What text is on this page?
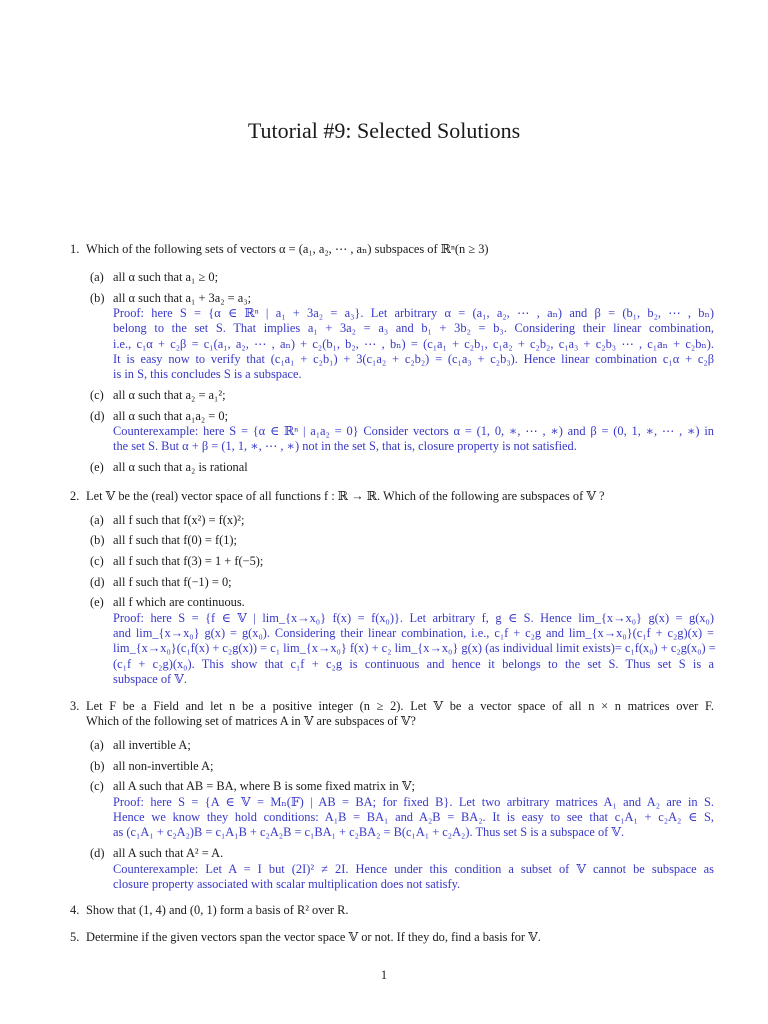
Tutorial #9: Selected Solutions
1. Which of the following sets of vectors α = (a₁, a₂, ⋯ , aₙ) subspaces of ℝⁿ(n ≥ 3)
(a) all α such that a₁ ≥ 0;
(b) all α such that a₁ + 3a₂ = a₃;
Proof: here S = {α ∈ ℝⁿ | a₁ + 3a₂ = a₃}. Let arbitrary α = (a₁, a₂, ⋯ , aₙ) and β = (b₁, b₂, ⋯ , bₙ)
belong to the set S. That implies a₁ + 3a₂ = a₃ and b₁ + 3b₂ = b₃. Considering their linear combination,
i.e., c₁α + c₂β = c₁(a₁, a₂, ⋯ , aₙ) + c₂(b₁, b₂, ⋯ , bₙ) = (c₁a₁ + c₂b₁, c₁a₂ + c₂b₂, c₁a₃ + c₂b₃ ⋯ , c₁aₙ + c₂bₙ).
It is easy now to verify that (c₁a₁ + c₂b₁) + 3(c₁a₂ + c₂b₂) = (c₁a₃ + c₂b₃). Hence linear combination c₁α + c₂β
is in S, this concludes S is a subspace.
(c) all α such that a₂ = a₁²;
(d) all α such that a₁a₂ = 0;
Counterexample: here S = {α ∈ ℝⁿ | a₁a₂ = 0} Consider vectors α = (1, 0, ∗, ⋯ , ∗) and β = (0, 1, ∗, ⋯ , ∗) in
the set S. But α + β = (1, 1, ∗, ⋯ , ∗) not in the set S, that is, closure property is not satisfied.
(e) all α such that a₂ is rational
2. Let 𝕍 be the (real) vector space of all functions f : ℝ → ℝ. Which of the following are subspaces of 𝕍 ?
(a) all f such that f(x²) = f(x)²;
(b) all f such that f(0) = f(1);
(c) all f such that f(3) = 1 + f(−5);
(d) all f such that f(−1) = 0;
(e) all f which are continuous.
Proof: here S = {f ∈ 𝕍 | lim_{x→x₀} f(x) = f(x₀)}. Let arbitrary f, g ∈ S. Hence lim_{x→x₀} g(x) = g(x₀)
and lim_{x→x₀} g(x) = g(x₀). Considering their linear combination, i.e., c₁f + c₂g and lim_{x→x₀}(c₁f + c₂g)(x) =
lim_{x→x₀}(c₁f(x) + c₂g(x)) = c₁ lim_{x→x₀} f(x) + c₂ lim_{x→x₀} g(x) (as individual limit exists)= c₁f(x₀) + c₂g(x₀) =
(c₁f + c₂g)(x₀). This show that c₁f + c₂g is continuous and hence it belongs to the set S. Thus set S is a
subspace of 𝕍.
3. Let F be a Field and let n be a positive integer (n ≥ 2). Let 𝕍 be a vector space of all n × n matrices over F.
Which of the following set of matrices A in 𝕍 are subspaces of 𝕍?
(a) all invertible A;
(b) all non-invertible A;
(c) all A such that AB = BA, where B is some fixed matrix in 𝕍;
Proof: here S = {A ∈ 𝕍 = Mₙ(𝔽) | AB = BA; for fixed B}. Let two arbitrary matrices A₁ and A₂ are in S.
Hence we know they hold conditions: A₁B = BA₁ and A₂B = BA₂. It is easy to see that c₁A₁ + c₂A₂ ∈ S,
as (c₁A₁ + c₂A₂)B = c₁A₁B + c₂A₂B = c₁BA₁ + c₂BA₂ = B(c₁A₁ + c₂A₂). Thus set S is a subspace of 𝕍.
(d) all A such that A² = A.
Counterexample: Let A = I but (2I)² ≠ 2I. Hence under this condition a subset of 𝕍 cannot be subspace as
closure property associated with scalar multiplication does not satisfy.
4. Show that (1, 4) and (0, 1) form a basis of R² over R.
5. Determine if the given vectors span the vector space 𝕍 or not. If they do, find a basis for 𝕍.
1
